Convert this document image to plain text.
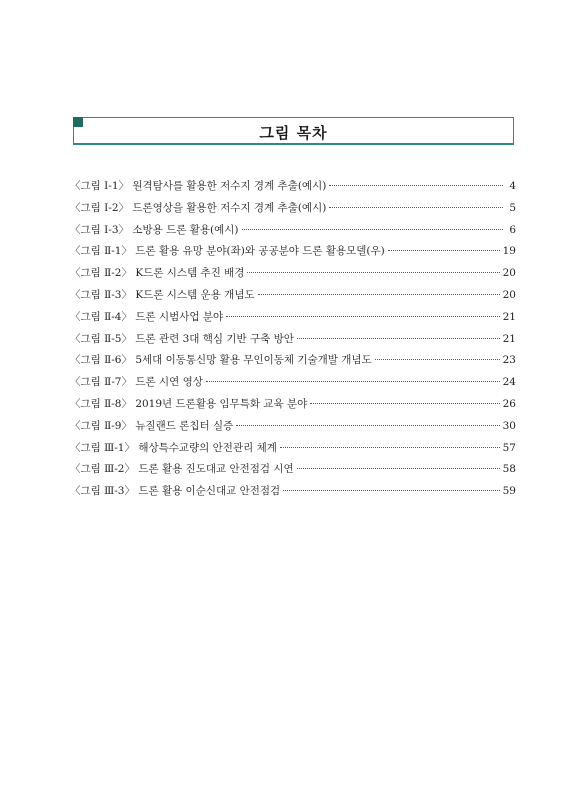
그림 목차
〈그림 Ⅰ-1〉 원격탐사를 활용한 저수지 경계 추출(예시)	4
〈그림 Ⅰ-2〉 드론영상을 활용한 저수지 경계 추출(예시)	5
〈그림 Ⅰ-3〉 소방용 드론 활용(예시)	6
〈그림 Ⅱ-1〉 드론 활용 유망 분야(좌)와 공공분야 드론 활용모델(우)	19
〈그림 Ⅱ-2〉 K드론 시스템 추진 배경	20
〈그림 Ⅱ-3〉 K드론 시스템 운용 개념도	20
〈그림 Ⅱ-4〉 드론 시범사업 분야	21
〈그림 Ⅱ-5〉 드론 관련 3대 핵심 기반 구축 방안	21
〈그림 Ⅱ-6〉 5세대 이동통신망 활용 무인이동체 기술개발 개념도	23
〈그림 Ⅱ-7〉 드론 시연 영상	24
〈그림 Ⅱ-8〉 2019년 드론활용 임무특화 교육 분야	26
〈그림 Ⅱ-9〉 뉴질랜드 론칩터 실증	30
〈그림 Ⅲ-1〉 해상특수교량의 안전관리 체계	57
〈그림 Ⅲ-2〉 드론 활용 진도대교 안전점검 시연	58
〈그림 Ⅲ-3〉 드론 활용 이순신대교 안전점검	59
